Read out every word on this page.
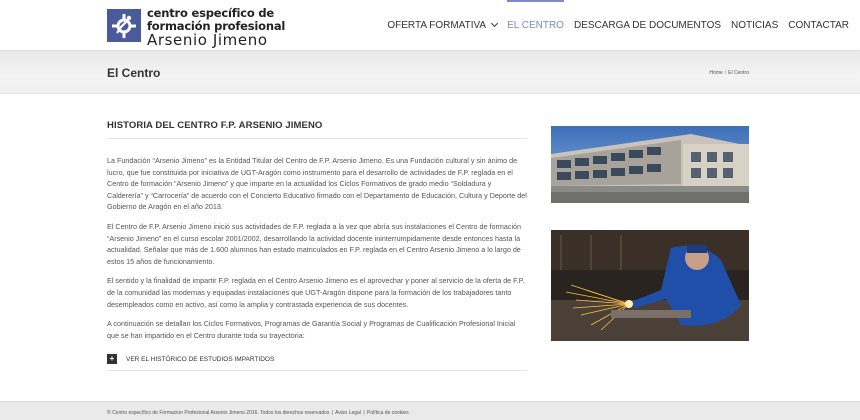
centro específico de
formación profesional
Arsenio Jimeno
OFERTA FORMATIVA EL CENTRO DESCARGA DE DOCUMENTOS NOTICIAS CONTACTAR
El Centro	Home / El Centro
HISTORIA DEL CENTRO F.P. ARSENIO JIMENO

La Fundación “Arsenio Jimeno” es la Entidad Titular del Centro de F.P. Arsenio Jimeno. Es una Fundación cultural y sin ánimo de lucro, que fue constituida por iniciativa de UGT-Aragón como instrumento para el desarrollo de actividades de F.P. reglada en el Centro de formación “Arsenio Jimeno” y que imparte en la actualidad los Ciclos Formativos de grado medio “Soldadura y Calderería” y “Carrocería” de acuerdo con el Concierto Educativo firmado con el Departamento de Educación, Cultura y Deporte del Gobierno de Aragón en el año 2013.

El Centro de F.P. Arsenio Jimeno inició sus actividades de F.P. reglada a la vez que abría sus instalaciones el Centro de formación “Arsenio Jimeno” en el curso escolar 2001/2002, desarrollando la actividad docente ininterrumpidamente desde entonces hasta la actualidad. Señalar que más de 1.600 alumnos han estado matriculados en F.P. reglada en el Centro Arsenio Jimeno a lo largo de estos 15 años de funcionamiento.

El sentido y la finalidad de impartir F.P. reglada en el Centro Arsenio Jimeno es el aprovechar y poner al servicio de la oferta de F.P. de la comunidad las modernas y equipadas instalaciones que UGT-Aragón dispone para la formación de los trabajadores tanto desempleados como en activo, así como la amplia y contrastada experiencia de sus docentes.

A continuación se detallan los Ciclos Formativos, Programas de Garantía Social y Programas de Cualificación Profesional Inicial que se han impartido en el Centro durante toda su trayectoria:

+	VER EL HISTÓRICO DE ESTUDIOS IMPARTIDOS
© Centro específico de Formacion Profesional Arsenio Jimeno 2016. Todos los derechos reservados | Aviso Legal | Política de cookies
